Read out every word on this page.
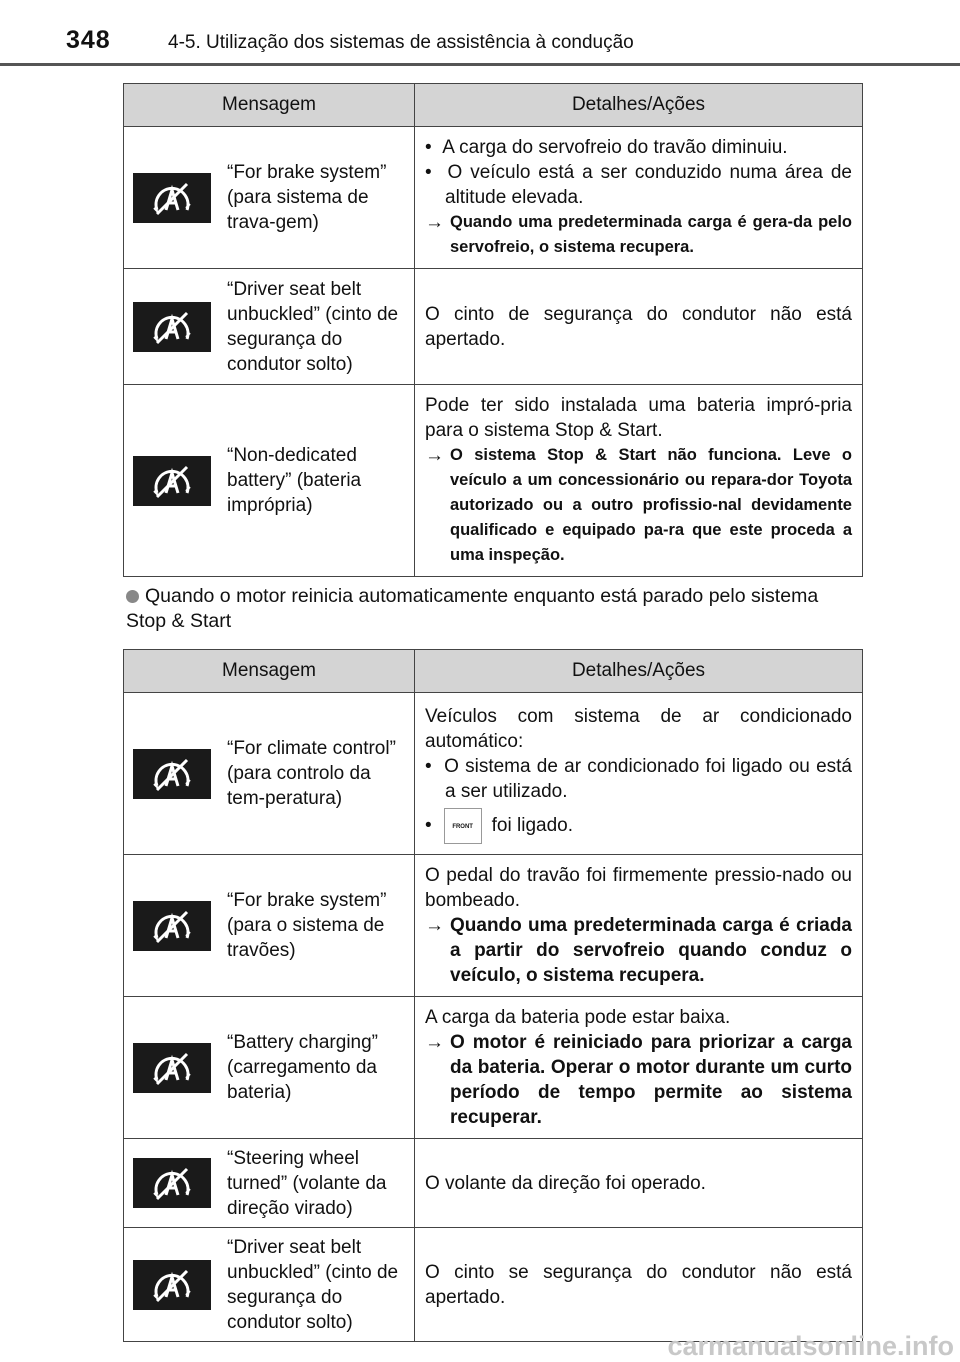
348	4-5. Utilização dos sistemas de assistência à condução
Mensagem	Detalhes/Ações

“For brake system” (para sistema de trava-gem)	• A carga do servofreio do travão diminuiu.
• O veículo está a ser conduzido numa área de altitude elevada.
→ Quando uma predeterminada carga é gera-da pelo servofreio, o sistema recupera.

“Driver seat belt unbuckled” (cinto de segurança do condutor solto)	O cinto de segurança do condutor não está apertado.

“Non-dedicated battery” (bateria imprópria)	Pode ter sido instalada uma bateria impró-pria para o sistema Stop & Start.
→ O sistema Stop & Start não funciona. Leve o veículo a um concessionário ou repara-dor Toyota autorizado ou a outro profissio-nal devidamente qualificado e equipado pa-ra que este proceda a uma inspeção.
Quando o motor reinicia automaticamente enquanto está parado pelo sistema Stop & Start
Mensagem	Detalhes/Ações

“For climate control” (para controlo da tem-peratura)	Veículos com sistema de ar condicionado automático:
• O sistema de ar condicionado foi ligado ou está a ser utilizado.
• FRONT foi ligado.

“For brake system” (para o sistema de travões)	O pedal do travão foi firmemente pressio-nado ou bombeado.
→ Quando uma predeterminada carga é criada a partir do servofreio quando conduz o veículo, o sistema recupera.

“Battery charging” (carregamento da bateria)	A carga da bateria pode estar baixa.
→ O motor é reiniciado para priorizar a carga da bateria. Operar o motor durante um curto período de tempo permite ao sistema recuperar.

“Steering wheel turned” (volante da direção virado)	O volante da direção foi operado.

“Driver seat belt unbuckled” (cinto de segurança do condutor solto)	O cinto se segurança do condutor não está apertado.
carmanualsonline.info
